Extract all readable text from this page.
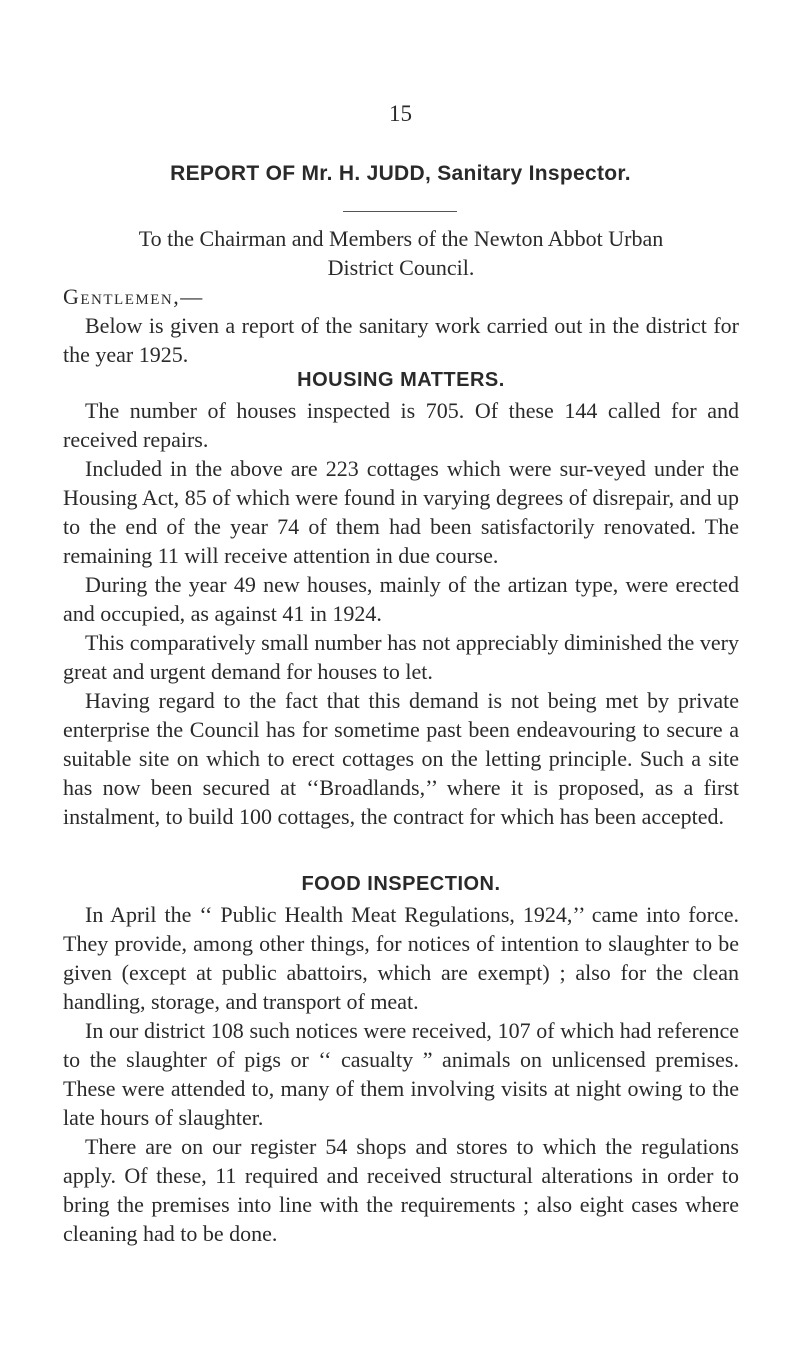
15
REPORT OF Mr. H. JUDD, Sanitary Inspector.
To the Chairman and Members of the Newton Abbot Urban
District Council.

Gentlemen,—

Below is given a report of the sanitary work carried out in the district for the year 1925.

HOUSING MATTERS.

The number of houses inspected is 705. Of these 144 called for and received repairs.

Included in the above are 223 cottages which were sur-veyed under the Housing Act, 85 of which were found in varying degrees of disrepair, and up to the end of the year 74 of them had been satisfactorily renovated. The remaining 11 will receive attention in due course.

During the year 49 new houses, mainly of the artizan type, were erected and occupied, as against 41 in 1924.

This comparatively small number has not appreciably diminished the very great and urgent demand for houses to let.

Having regard to the fact that this demand is not being met by private enterprise the Council has for sometime past been endeavouring to secure a suitable site on which to erect cottages on the letting principle. Such a site has now been secured at ‘‘Broadlands,’’ where it is proposed, as a first instalment, to build 100 cottages, the contract for which has been accepted.

FOOD INSPECTION.

In April the ‘‘ Public Health Meat Regulations, 1924,’’ came into force. They provide, among other things, for notices of intention to slaughter to be given (except at public abattoirs, which are exempt) ; also for the clean handling, storage, and transport of meat.

In our district 108 such notices were received, 107 of which had reference to the slaughter of pigs or ‘‘ casualty ” animals on unlicensed premises. These were attended to, many of them involving visits at night owing to the late hours of slaughter.

There are on our register 54 shops and stores to which the regulations apply. Of these, 11 required and received structural alterations in order to bring the premises into line with the requirements ; also eight cases where cleaning had to be done.
